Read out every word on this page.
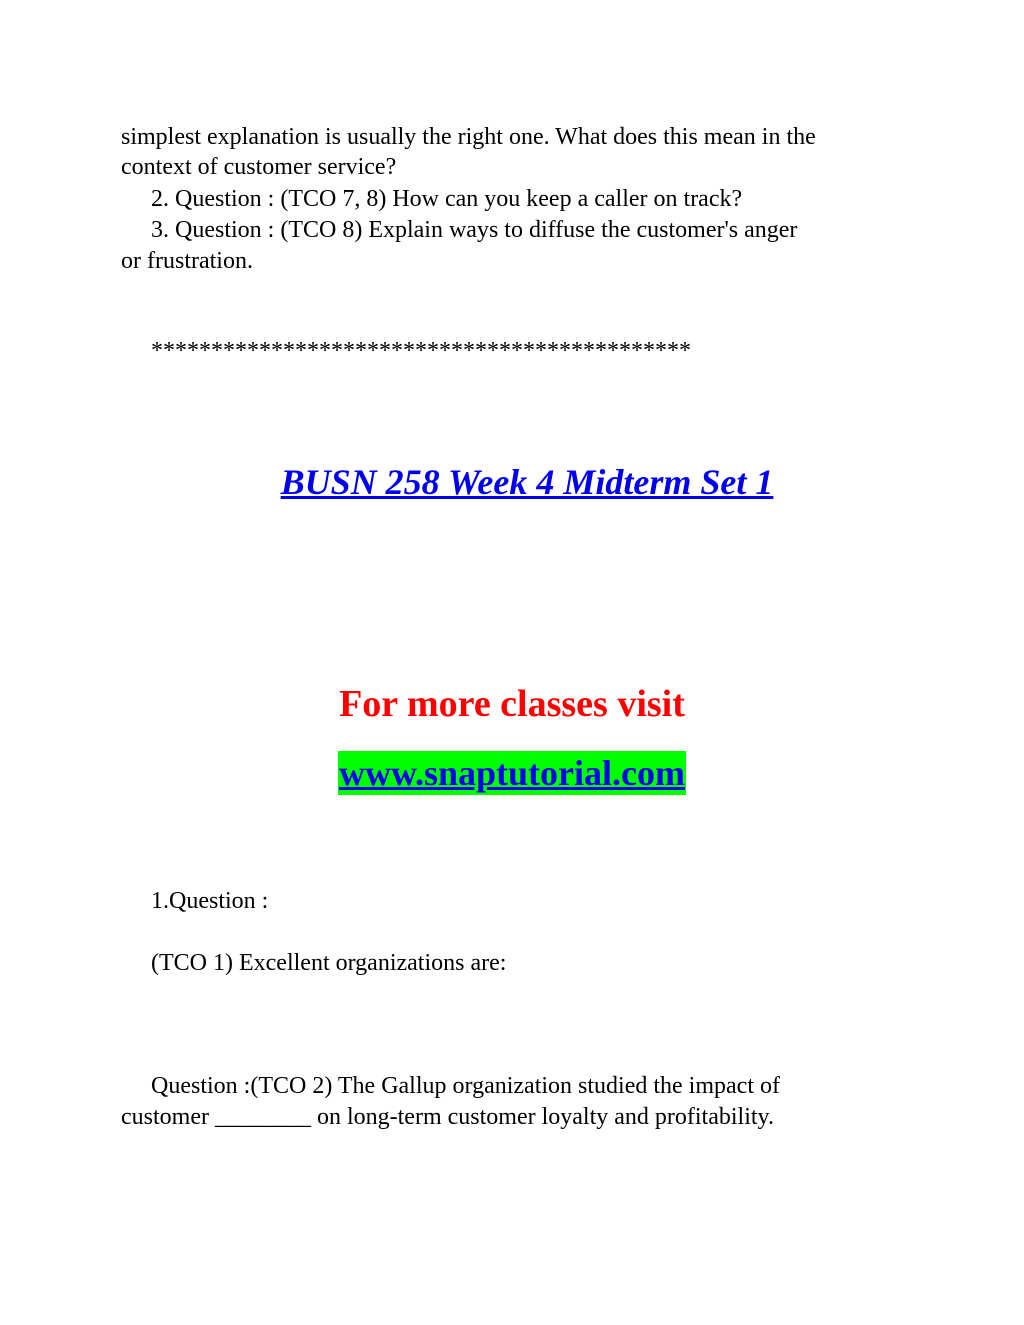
simplest explanation is usually the right one. What does this mean in the
context of customer service?
2. Question : (TCO 7, 8) How can you keep a caller on track?
3. Question : (TCO 8) Explain ways to diffuse the customer's anger
or frustration.
*********************************************
BUSN 258 Week 4 Midterm Set 1
For more classes visit
www.snaptutorial.com
1.Question :
(TCO 1) Excellent organizations are:
Question :(TCO 2) The Gallup organization studied the impact of
customer ________ on long-term customer loyalty and profitability.
